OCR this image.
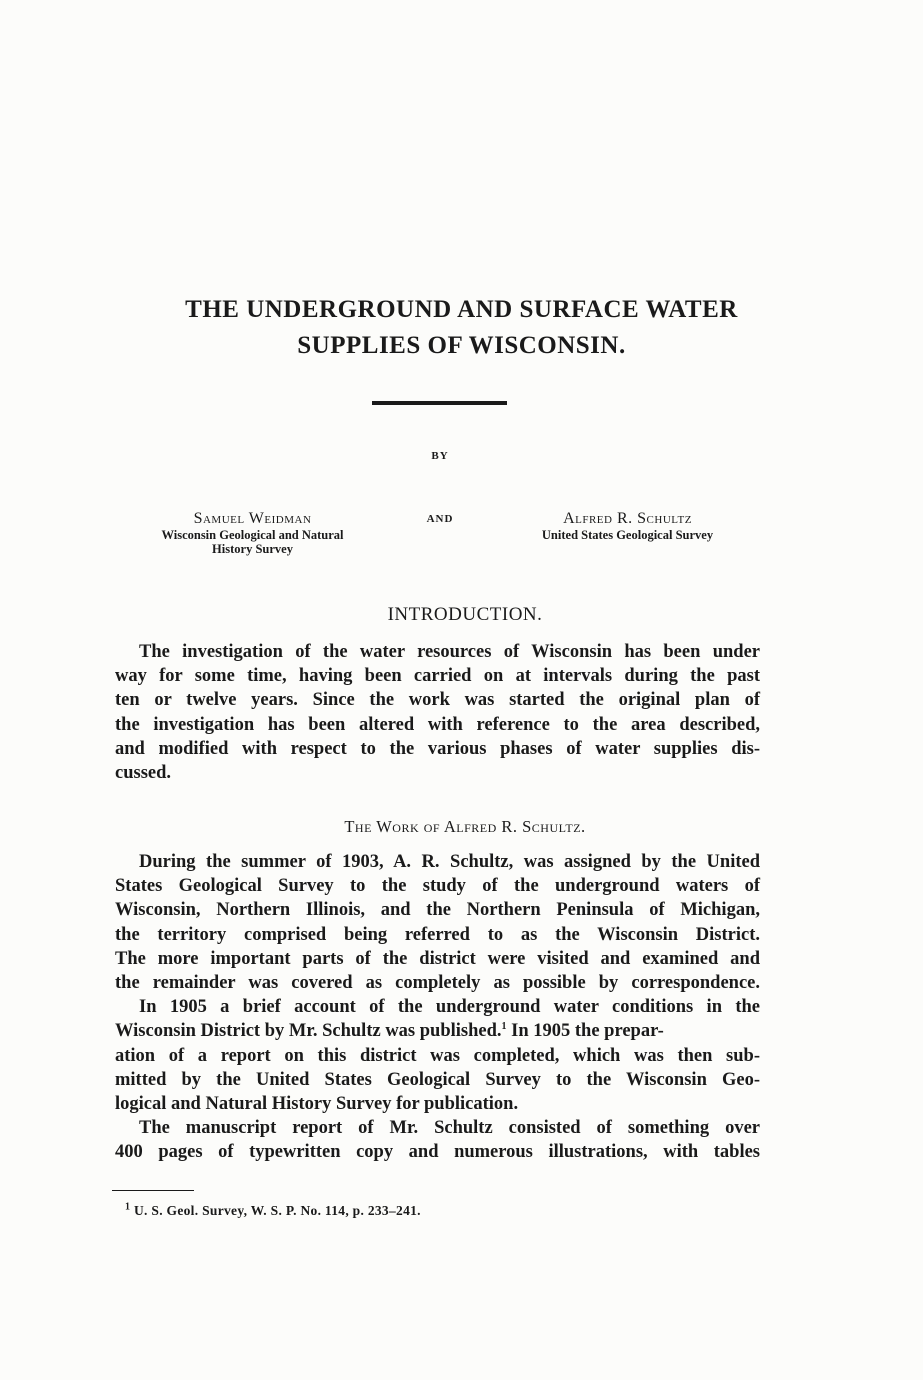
THE UNDERGROUND AND SURFACE WATER
SUPPLIES OF WISCONSIN.
BY
Samuel Weidman
Wisconsin Geological and Natural
History Survey
AND	Alfred R. Schultz
United States Geological Survey
INTRODUCTION.
The investigation of the water resources of Wisconsin has been under
way for some time, having been carried on at intervals during the past
ten or twelve years. Since the work was started the original plan of
the investigation has been altered with reference to the area described,
and modified with respect to the various phases of water supplies dis-
cussed.
The Work of Alfred R. Schultz.
During the summer of 1903, A. R. Schultz, was assigned by the United
States Geological Survey to the study of the underground waters of
Wisconsin, Northern Illinois, and the Northern Peninsula of Michigan,
the territory comprised being referred to as the Wisconsin District.
The more important parts of the district were visited and examined and
the remainder was covered as completely as possible by correspondence.
In 1905 a brief account of the underground water conditions in the
Wisconsin District by Mr. Schultz was published.$^1$ In 1905 the prepar-
ation of a report on this district was completed, which was then sub-
mitted by the United States Geological Survey to the Wisconsin Geo-
logical and Natural History Survey for publication.
The manuscript report of Mr. Schultz consisted of something over
400 pages of typewritten copy and numerous illustrations, with tables
$^1$ U. S. Geol. Survey, W. S. P. No. 114, p. 233–241.
